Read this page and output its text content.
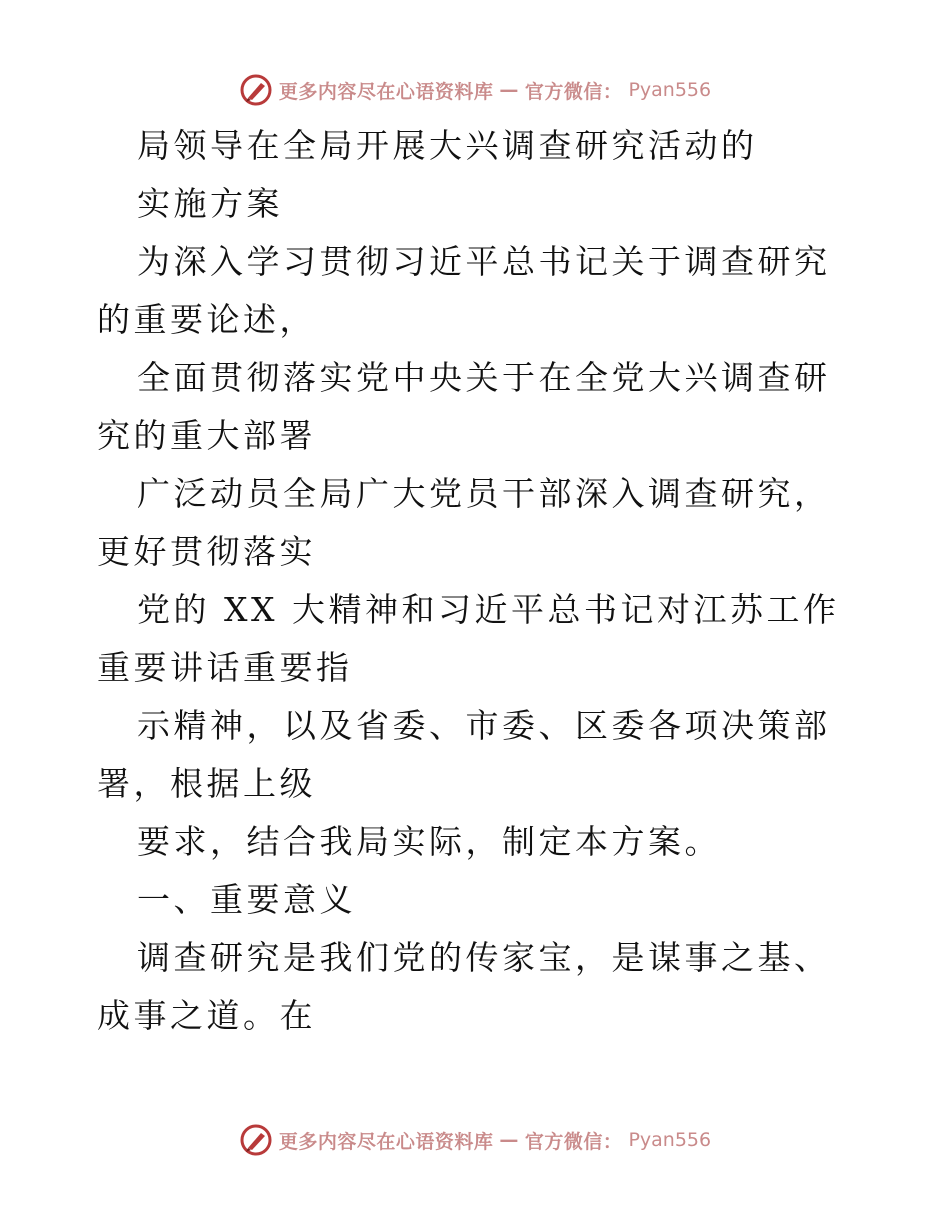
更多内容尽在心语资料库 — 官方微信： Pyan556

局领导在全局开展大兴调查研究活动的

实施方案

为深入学习贯彻习近平总书记关于调查研究的重要论述，

全面贯彻落实党中央关于在全党大兴调查研究的重大部署

广泛动员全局广大党员干部深入调查研究，更好贯彻落实

党的 XX 大精神和习近平总书记对江苏工作重要讲话重要指

示精神，以及省委、市委、区委各项决策部署，根据上级

要求，结合我局实际，制定本方案。

一、重要意义

调查研究是我们党的传家宝，是谋事之基、成事之道。在

更多内容尽在心语资料库 — 官方微信： Pyan556
